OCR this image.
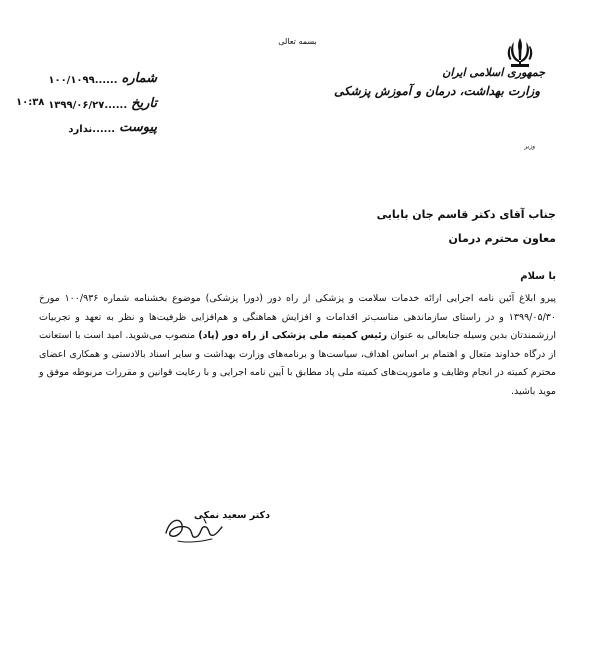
بسمه تعالی
جمهوری اسلامی ایران
وزارت بهداشت، درمان و آموزش پزشکی
وزیر
شماره
۱۰۰/۱۰۹۹......
تاریخ
۱۳۹۹/۰۶/۲۷......
پیوست
ندارد......
۱۰:۳۸
جناب آقای دکتر قاسم جان بابایی
معاون محترم درمان
با سلام
پیرو ابلاغ آئین نامه اجرایی ارائه خدمات سلامت و پزشکی از راه دور (دورا پزشکی) موضوع بخشنامه شماره ۱۰۰/۹۳۶ مورخ ۱۳۹۹/۰۵/۳۰ و در راستای سازماندهی مناسب‌تر اقدامات و افزایش هماهنگی و هم‌افزایی ظرفیت‌ها و نظر به تعهد و تجربیات ارزشمندتان بدین وسیله جنابعالی به عنوان رئیس کمیته ملی پزشکی از راه دور (پاد) منصوب می‌شوید. امید است با استعانت از درگاه خداوند متعال و اهتمام بر اساس اهداف، سیاست‌ها و برنامه‌های وزارت بهداشت و سایر اسناد بالادستی و همکاری اعضای محترم کمیته در انجام وظایف و ماموریت‌های کمیته ملی پاد مطابق با آیین نامه اجرایی و با رعایت قوانین و مقررات مربوطه موفق و موید باشید.
دکتر سعید نمکی
